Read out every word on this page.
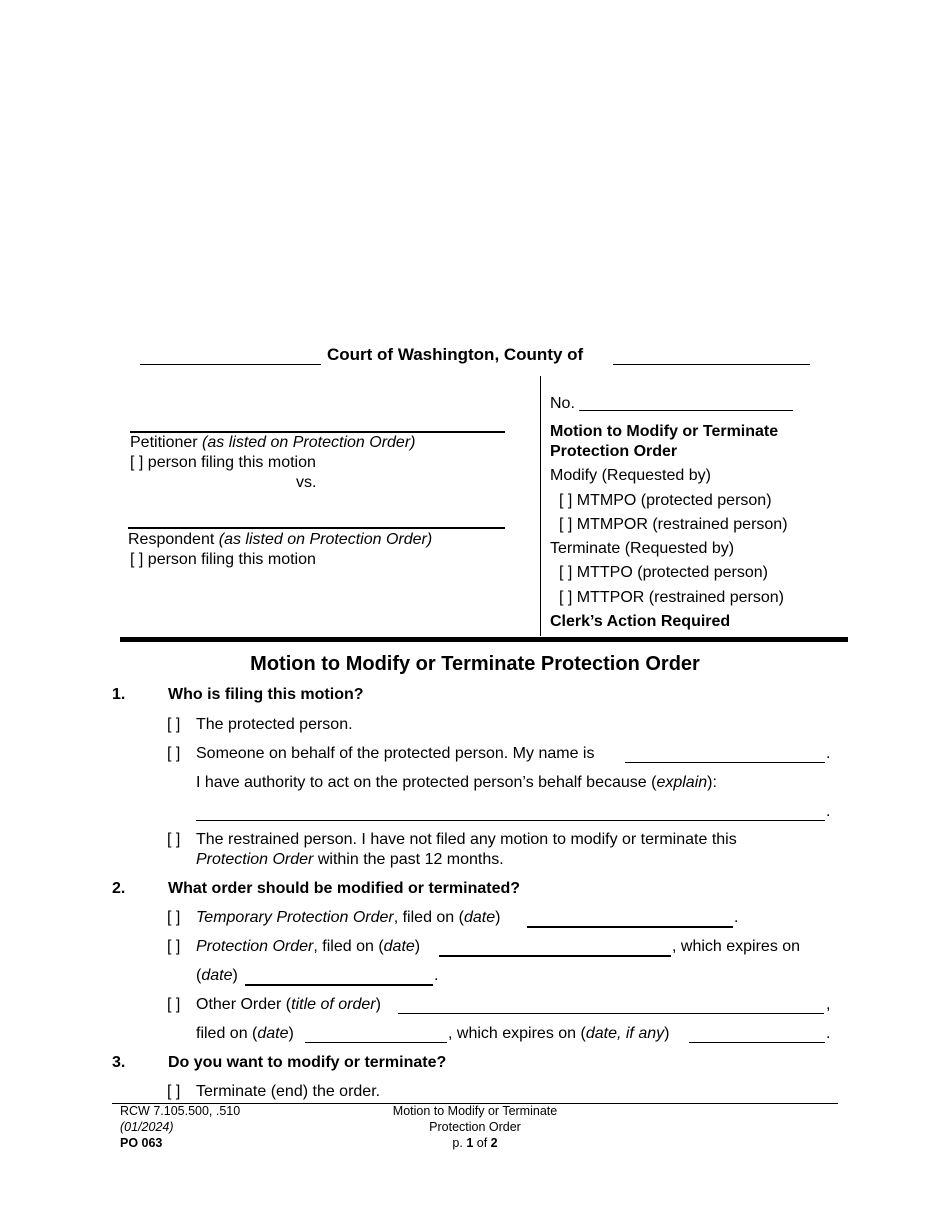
Court of Washington, County of
Petitioner (as listed on Protection Order)
[ ] person filing this motion
vs.
Respondent (as listed on Protection Order)
[ ] person filing this motion
No. ________________________
Motion to Modify or Terminate
Protection Order
Modify (Requested by)
[ ] MTMPO (protected person)
[ ] MTMPOR (restrained person)
Terminate (Requested by)
[ ] MTTPO (protected person)
[ ] MTTPOR (restrained person)
Clerk’s Action Required
Motion to Modify or Terminate Protection Order
1.	Who is filing this motion?
[ ] The protected person.
[ ] Someone on behalf of the protected person. My name is	.
I have authority to act on the protected person’s behalf because (explain):
.
[ ] The restrained person. I have not filed any motion to modify or terminate this
Protection Order within the past 12 months.
2.	What order should be modified or terminated?
[ ] Temporary Protection Order, filed on (date)	.
[ ] Protection Order, filed on (date)	, which expires on
(date)	.
[ ] Other Order (title of order)	,
filed on (date)	, which expires on (date, if any)	.
3.	Do you want to modify or terminate?
[ ] Terminate (end) the order.
RCW 7.105.500, .510
(01/2024)
PO 063
Motion to Modify or Terminate
Protection Order
p. 1 of 2
